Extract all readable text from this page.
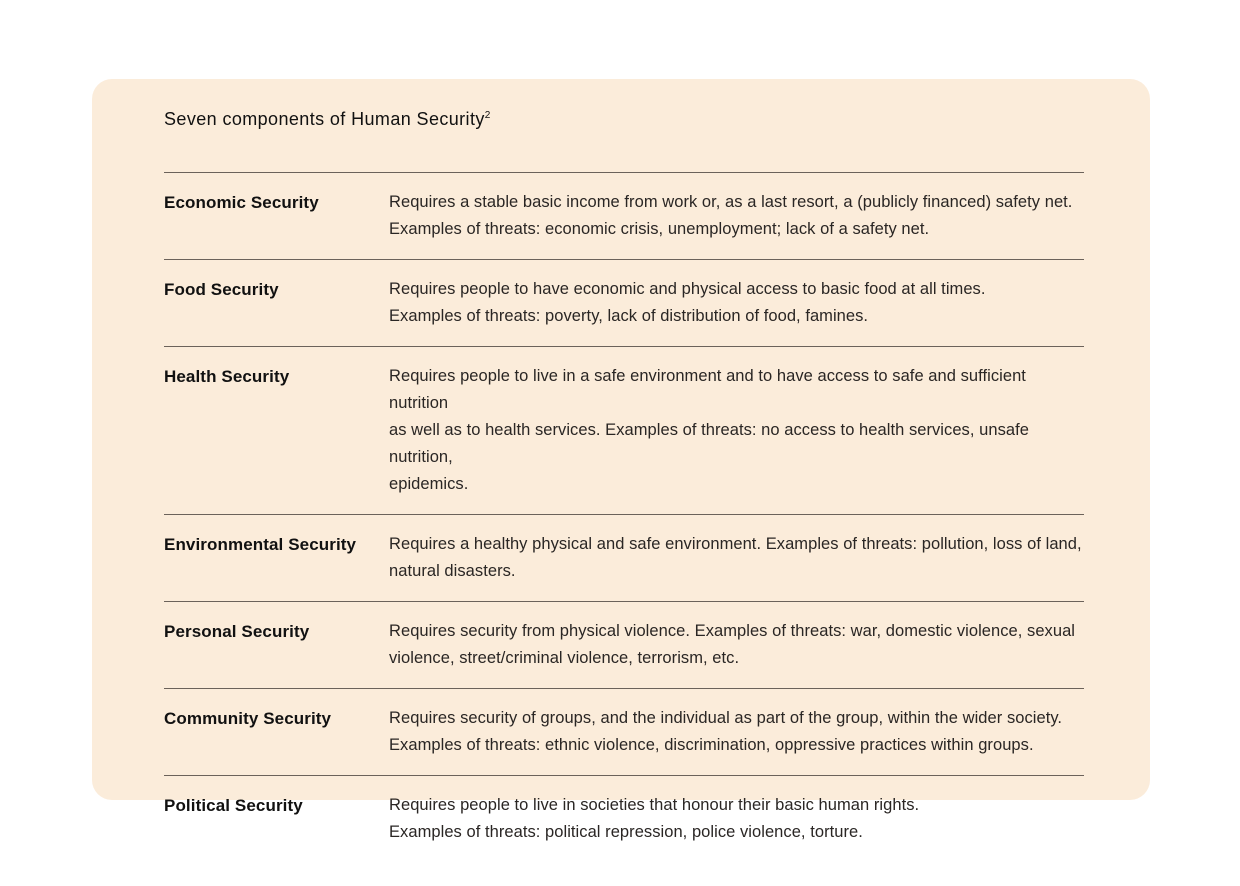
Seven components of Human Security$^2$
Economic Security	Requires a stable basic income from work or, as a last resort, a (publicly financed) safety net.
Examples of threats: economic crisis, unemployment; lack of a safety net.
Food Security	Requires people to have economic and physical access to basic food at all times.
Examples of threats: poverty, lack of distribution of food, famines.
Health Security	Requires people to live in a safe environment and to have access to safe and sufficient nutrition
as well as to health services. Examples of threats: no access to health services, unsafe nutrition,
epidemics.
Environmental Security	Requires a healthy physical and safe environment. Examples of threats: pollution, loss of land,
natural disasters.
Personal Security	Requires security from physical violence. Examples of threats: war, domestic violence, sexual
violence, street/criminal violence, terrorism, etc.
Community Security	Requires security of groups, and the individual as part of the group, within the wider society.
Examples of threats: ethnic violence, discrimination, oppressive practices within groups.
Political Security	Requires people to live in societies that honour their basic human rights.
Examples of threats: political repression, police violence, torture.
